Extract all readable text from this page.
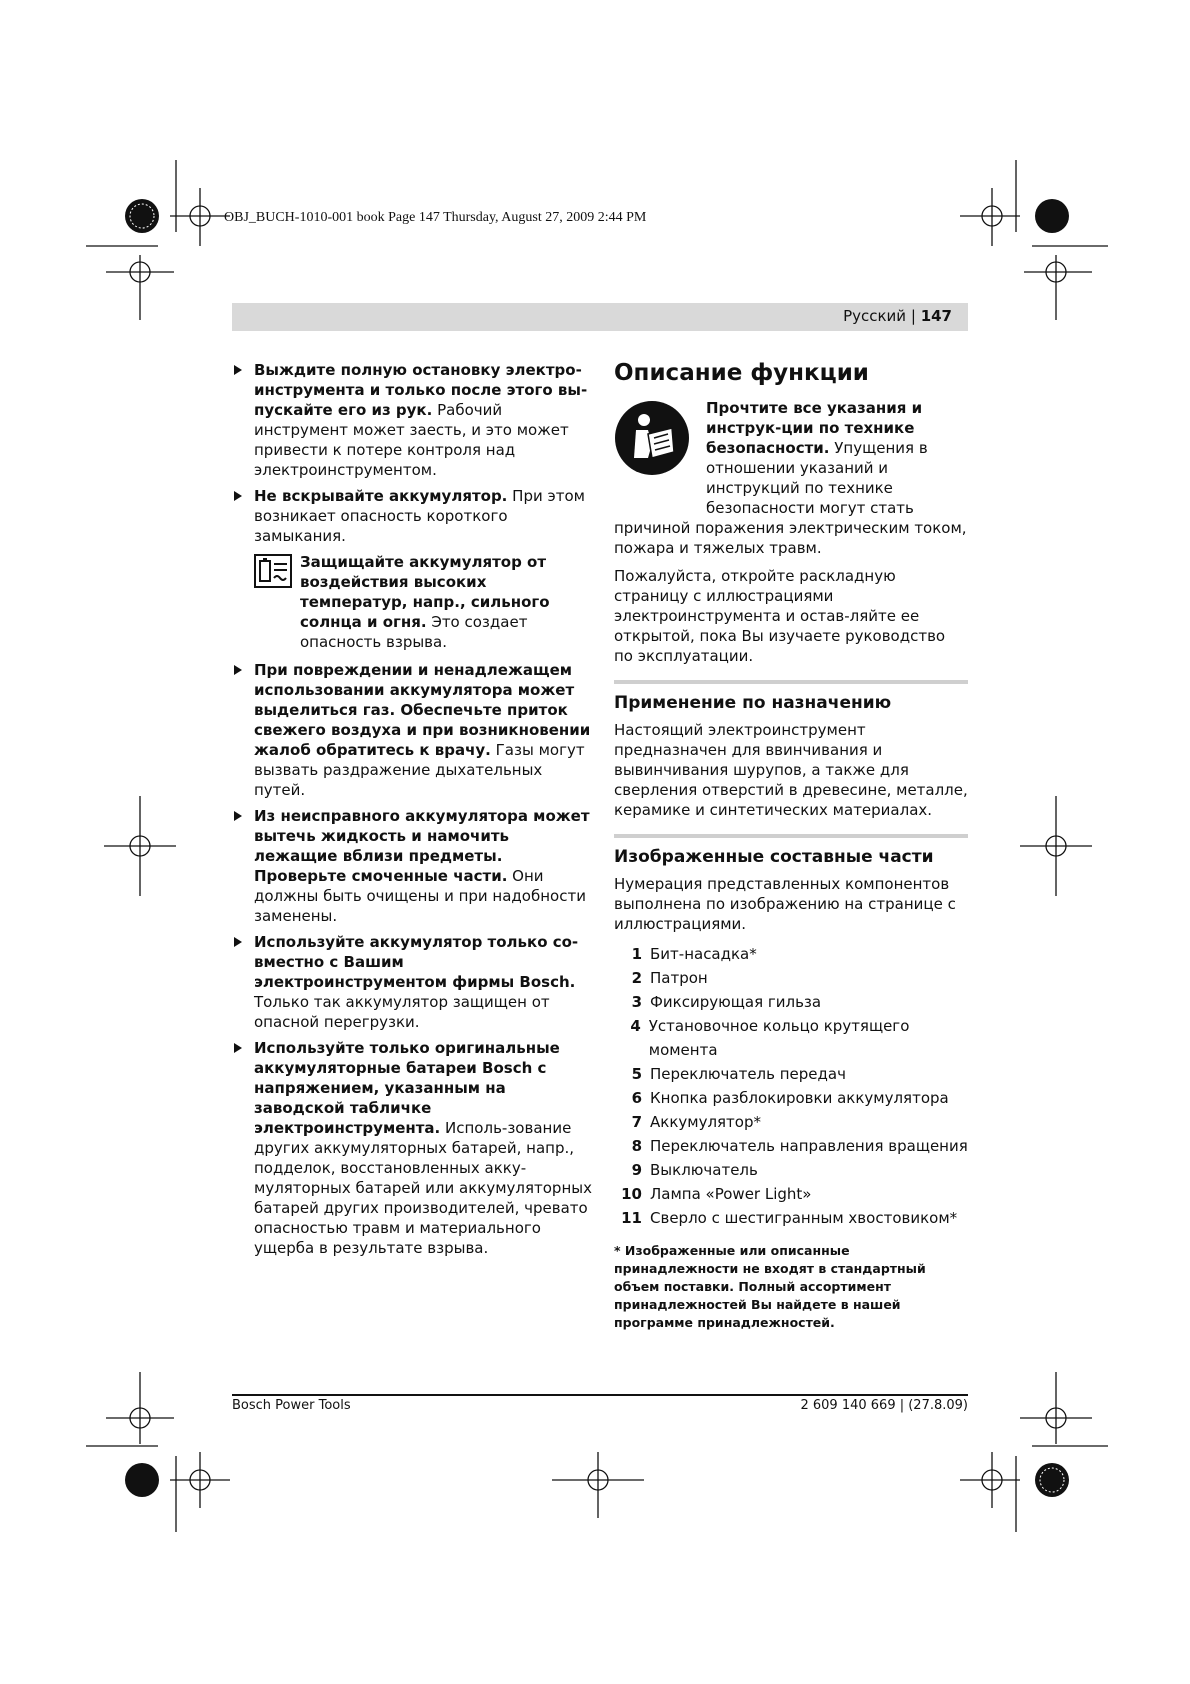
OBJ_BUCH-1010-001 book Page 147 Thursday, August 27, 2009 2:44 PM
Русский | 147
Выждите полную остановку электро-инструмента и только после этого вы-пускайте его из рук. Рабочий инструмент может заесть, и это может привести к потере контроля над электроинструментом.
Не вскрывайте аккумулятор. При этом возникает опасность короткого замыкания.
Защищайте аккумулятор от воздействия высоких температур, напр., сильного солнца и огня. Это создает опасность взрыва.
При повреждении и ненадлежащем использовании аккумулятора может выделиться газ. Обеспечьте приток свежего воздуха и при возникновении жалоб обратитесь к врачу. Газы могут вызвать раздражение дыхательных путей.
Из неисправного аккумулятора может вытечь жидкость и намочить лежащие вблизи предметы. Проверьте смоченные части. Они должны быть очищены и при надобности заменены.
Используйте аккумулятор только со-вместно с Вашим электроинструментом фирмы Bosch. Только так аккумулятор защищен от опасной перегрузки.
Используйте только оригинальные аккумуляторные батареи Bosch с напряжением, указанным на заводской табличке электроинструмента. Исполь-зование других аккумуляторных батарей, напр., подделок, восстановленных акку-муляторных батарей или аккумуляторных батарей других производителей, чревато опасностью травм и материального ущерба в результате взрыва.
Описание функции
Прочтите все указания и инструк-ции по технике безопасности. Упущения в отношении указаний и инструкций по технике безопасности могут стать

причиной поражения электрическим током, пожара и тяжелых травм.

Пожалуйста, откройте раскладную страницу с иллюстрациями электроинструмента и остав-ляйте ее открытой, пока Вы изучаете руководство по эксплуатации.

Применение по назначению

Настоящий электроинструмент предназначен для ввинчивания и вывинчивания шурупов, а также для сверления отверстий в древесине, металле, керамике и синтетических материалах.

Изображенные составные части

Нумерация представленных компонентов выполнена по изображению на странице с иллюстрациями.

1 Бит-насадка*
2 Патрон
3 Фиксирующая гильза
4 Установочное кольцо крутящего момента
5 Переключатель передач
6 Кнопка разблокировки аккумулятора
7 Аккумулятор*
8 Переключатель направления вращения
9 Выключатель
10 Лампа «Power Light»
11 Сверло с шестигранным хвостовиком*
* Изображенные или описанные принадлежности не входят в стандартный объем поставки. Полный ассортимент принадлежностей Вы найдете в нашей программе принадлежностей.
Bosch Power Tools	2 609 140 669 | (27.8.09)
